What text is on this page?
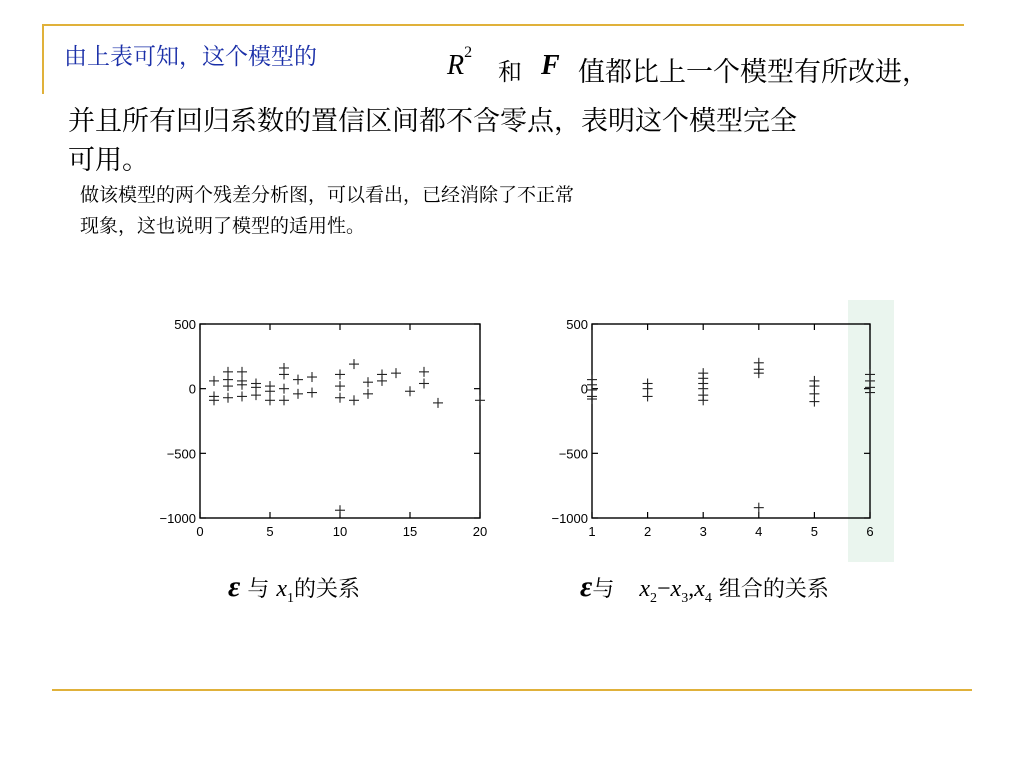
由上表可知，这个模型的	$R^2$
和 F 值都比上一个模型有所改进，
并且所有回归系数的置信区间都不含零点，表明这个模型完全
可用。
做该模型的两个残差分析图，可以看出，已经消除了不正常
现象，这也说明了模型的适用性。
500
0
−500
−1000
0	5	10	15	20
500
0
−500
−1000
1	2	3	4	5	6
ε 与 $x_1$的关系	ε与 $x_2-x_3,x_4$ 组合的关系
